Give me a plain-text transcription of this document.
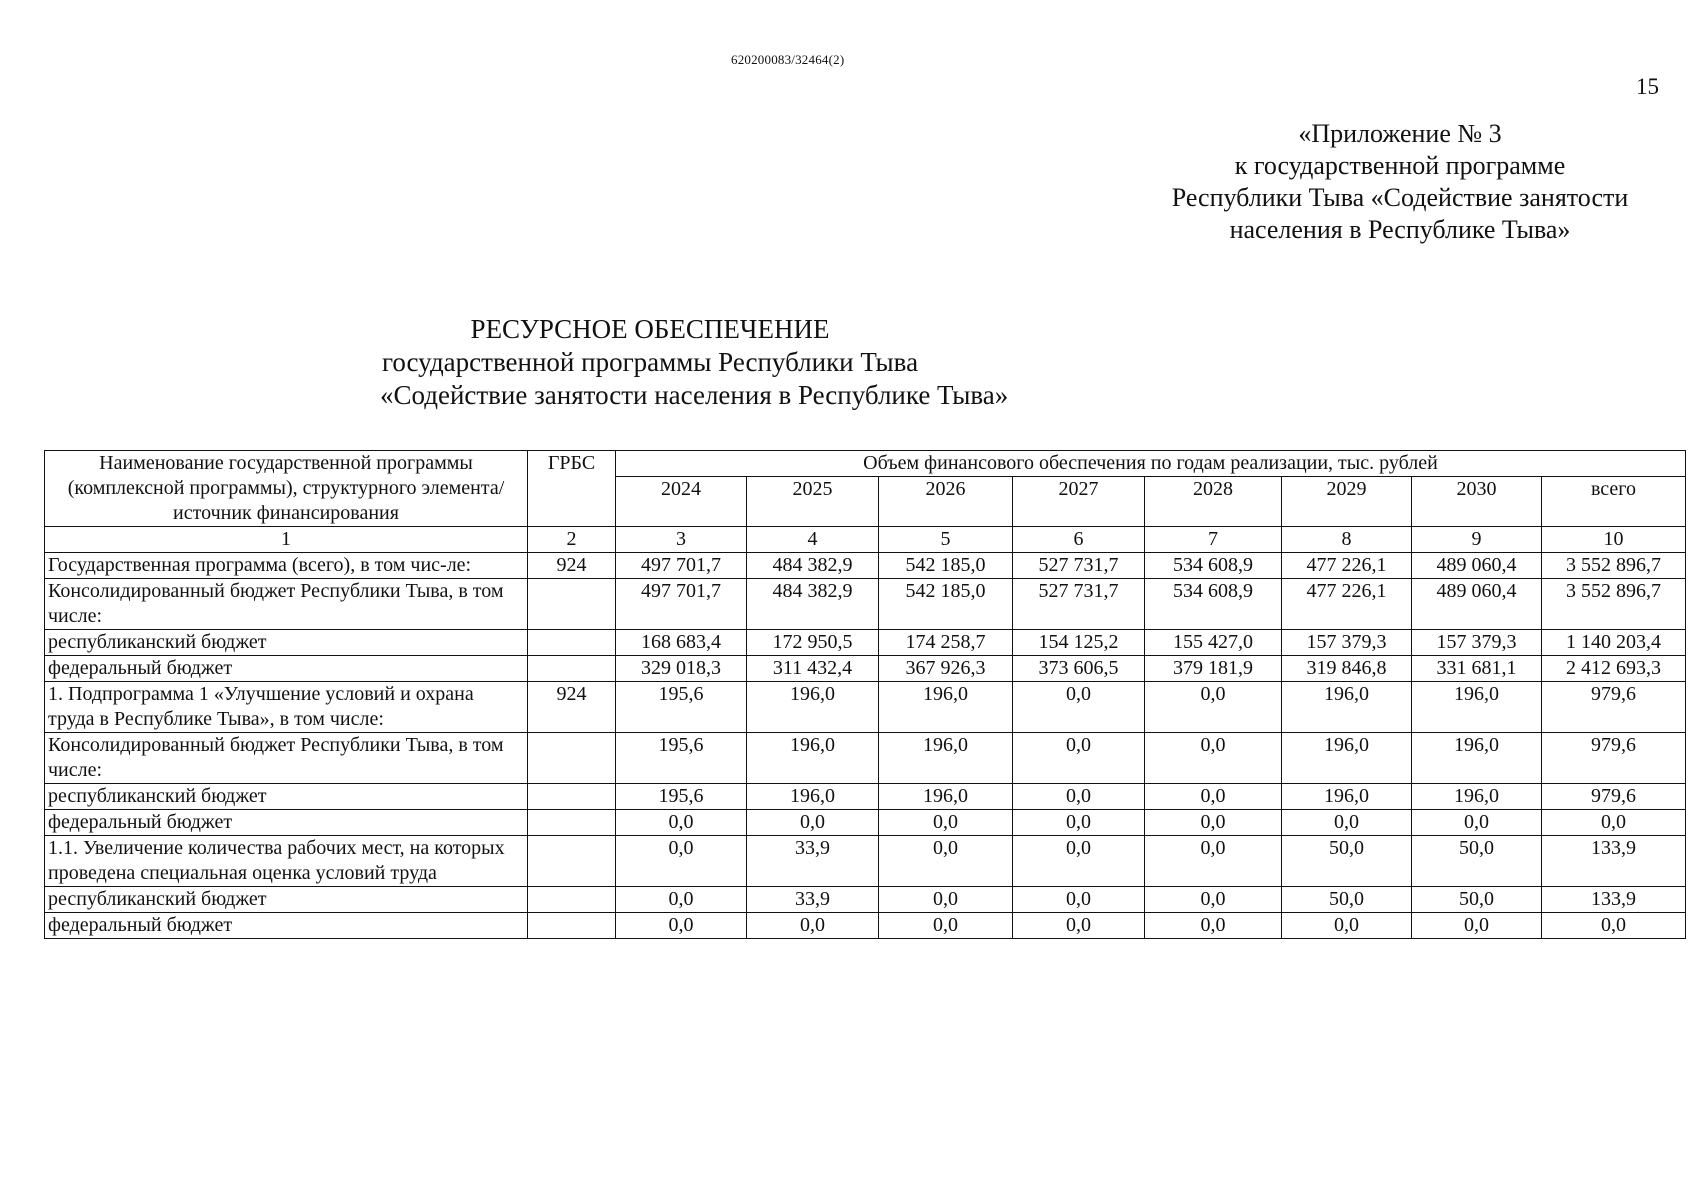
620200083/32464(2)
15
«Приложение № 3
к государственной программе
Республики Тыва «Содействие занятости
населения в Республике Тыва»
РЕСУРСНОЕ ОБЕСПЕЧЕНИЕ
государственной программы Республики Тыва
«Содействие занятости населения в Республике Тыва»
Наименование государственной программы (комплексной программы), структурного элемента/источник финансирования	ГРБС	Объем финансового обеспечения по годам реализации, тыс. рублей							
		2024	2025	2026	2027	2028	2029	2030	всего
1	2	3	4	5	6	7	8	9	10
Государственная программа (всего), в том чис-ле:	924	497 701,7	484 382,9	542 185,0	527 731,7	534 608,9	477 226,1	489 060,4	3 552 896,7
Консолидированный бюджет Республики Тыва, в том числе:		497 701,7	484 382,9	542 185,0	527 731,7	534 608,9	477 226,1	489 060,4	3 552 896,7
республиканский бюджет		168 683,4	172 950,5	174 258,7	154 125,2	155 427,0	157 379,3	157 379,3	1 140 203,4
федеральный бюджет		329 018,3	311 432,4	367 926,3	373 606,5	379 181,9	319 846,8	331 681,1	2 412 693,3
1. Подпрограмма 1 «Улучшение условий и охрана труда в Республике Тыва», в том числе:	924	195,6	196,0	196,0	0,0	0,0	196,0	196,0	979,6
Консолидированный бюджет Республики Тыва, в том числе:		195,6	196,0	196,0	0,0	0,0	196,0	196,0	979,6
республиканский бюджет		195,6	196,0	196,0	0,0	0,0	196,0	196,0	979,6
федеральный бюджет		0,0	0,0	0,0	0,0	0,0	0,0	0,0	0,0
1.1. Увеличение количества рабочих мест, на которых проведена специальная оценка условий труда		0,0	33,9	0,0	0,0	0,0	50,0	50,0	133,9
республиканский бюджет		0,0	33,9	0,0	0,0	0,0	50,0	50,0	133,9
федеральный бюджет		0,0	0,0	0,0	0,0	0,0	0,0	0,0	0,0
